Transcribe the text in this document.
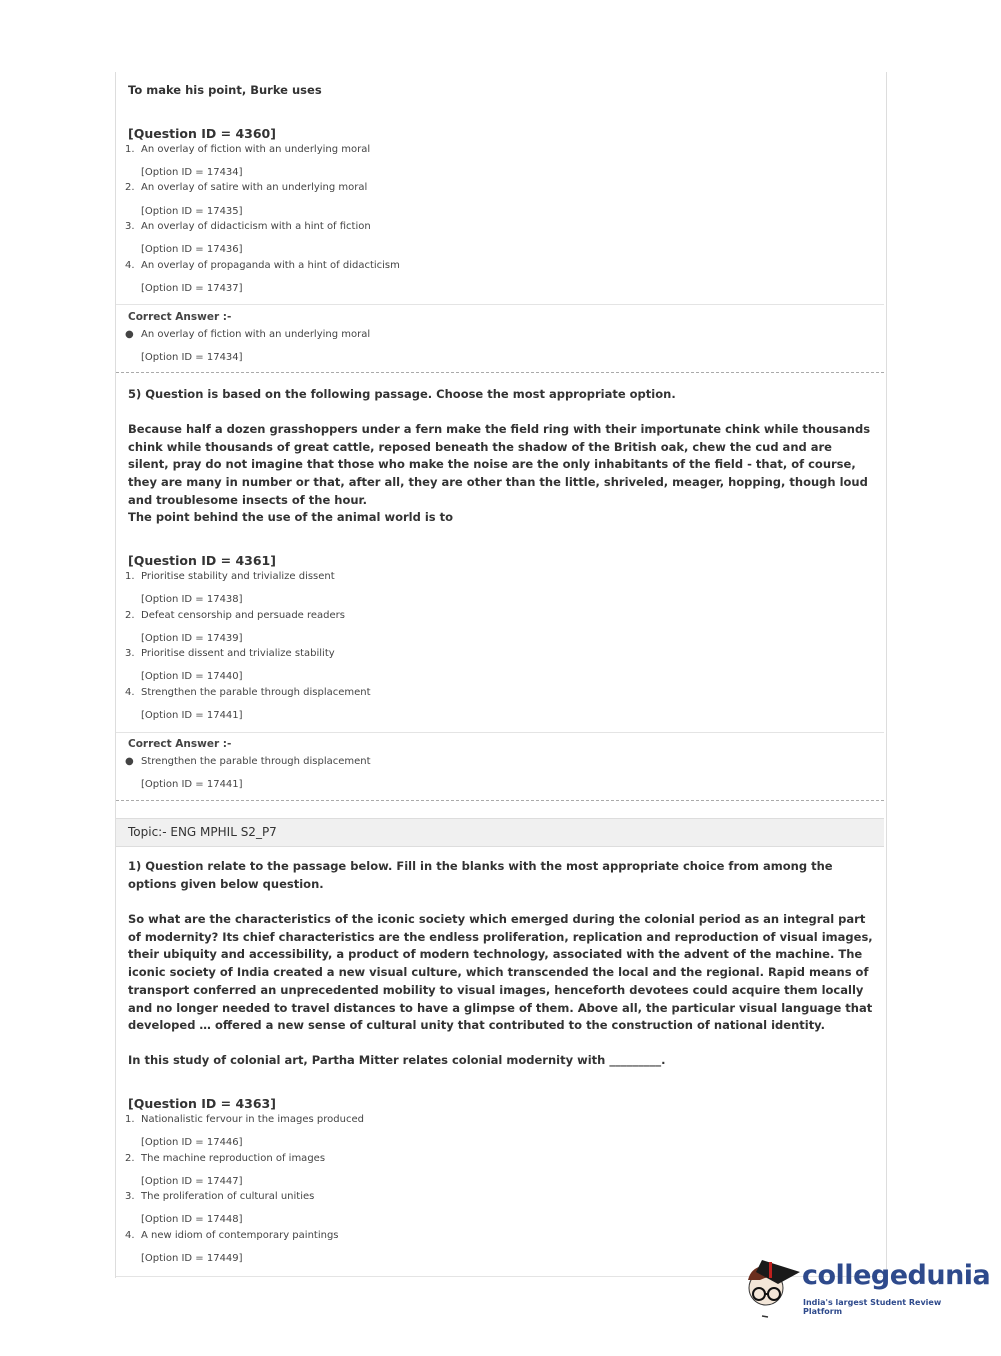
To make his point, Burke uses
[Question ID = 4360]
1. An overlay of fiction with an underlying moral
[Option ID = 17434]
2. An overlay of satire with an underlying moral
[Option ID = 17435]
3. An overlay of didacticism with a hint of fiction
[Option ID = 17436]
4. An overlay of propaganda with a hint of didacticism
[Option ID = 17437]
Correct Answer :-
● An overlay of fiction with an underlying moral
[Option ID = 17434]
5) Question is based on the following passage. Choose the most appropriate option.
Because half a dozen grasshoppers under a fern make the field ring with their importunate chink while thousands chink while thousands of great cattle, reposed beneath the shadow of the British oak, chew the cud and are silent, pray do not imagine that those who make the noise are the only inhabitants of the field - that, of course, they are many in number or that, after all, they are other than the little, shriveled, meager, hopping, though loud and troublesome insects of the hour.
The point behind the use of the animal world is to
[Question ID = 4361]
1. Prioritise stability and trivialize dissent
[Option ID = 17438]
2. Defeat censorship and persuade readers
[Option ID = 17439]
3. Prioritise dissent and trivialize stability
[Option ID = 17440]
4. Strengthen the parable through displacement
[Option ID = 17441]
Correct Answer :-
● Strengthen the parable through displacement
[Option ID = 17441]
Topic:- ENG MPHIL S2_P7
1) Question relate to the passage below. Fill in the blanks with the most appropriate choice from among the options given below question.
So what are the characteristics of the iconic society which emerged during the colonial period as an integral part of modernity? Its chief characteristics are the endless proliferation, replication and reproduction of visual images, their ubiquity and accessibility, a product of modern technology, associated with the advent of the machine. The iconic society of India created a new visual culture, which transcended the local and the regional. Rapid means of transport conferred an unprecedented mobility to visual images, henceforth devotees could acquire them locally and no longer needed to travel distances to have a glimpse of them. Above all, the particular visual language that developed … offered a new sense of cultural unity that contributed to the construction of national identity.
In this study of colonial art, Partha Mitter relates colonial modernity with _________.
[Question ID = 4363]
1. Nationalistic fervour in the images produced
[Option ID = 17446]
2. The machine reproduction of images
[Option ID = 17447]
3. The proliferation of cultural unities
[Option ID = 17448]
4. A new idiom of contemporary paintings
[Option ID = 17449]
collegedunia
India's largest Student Review Platform
